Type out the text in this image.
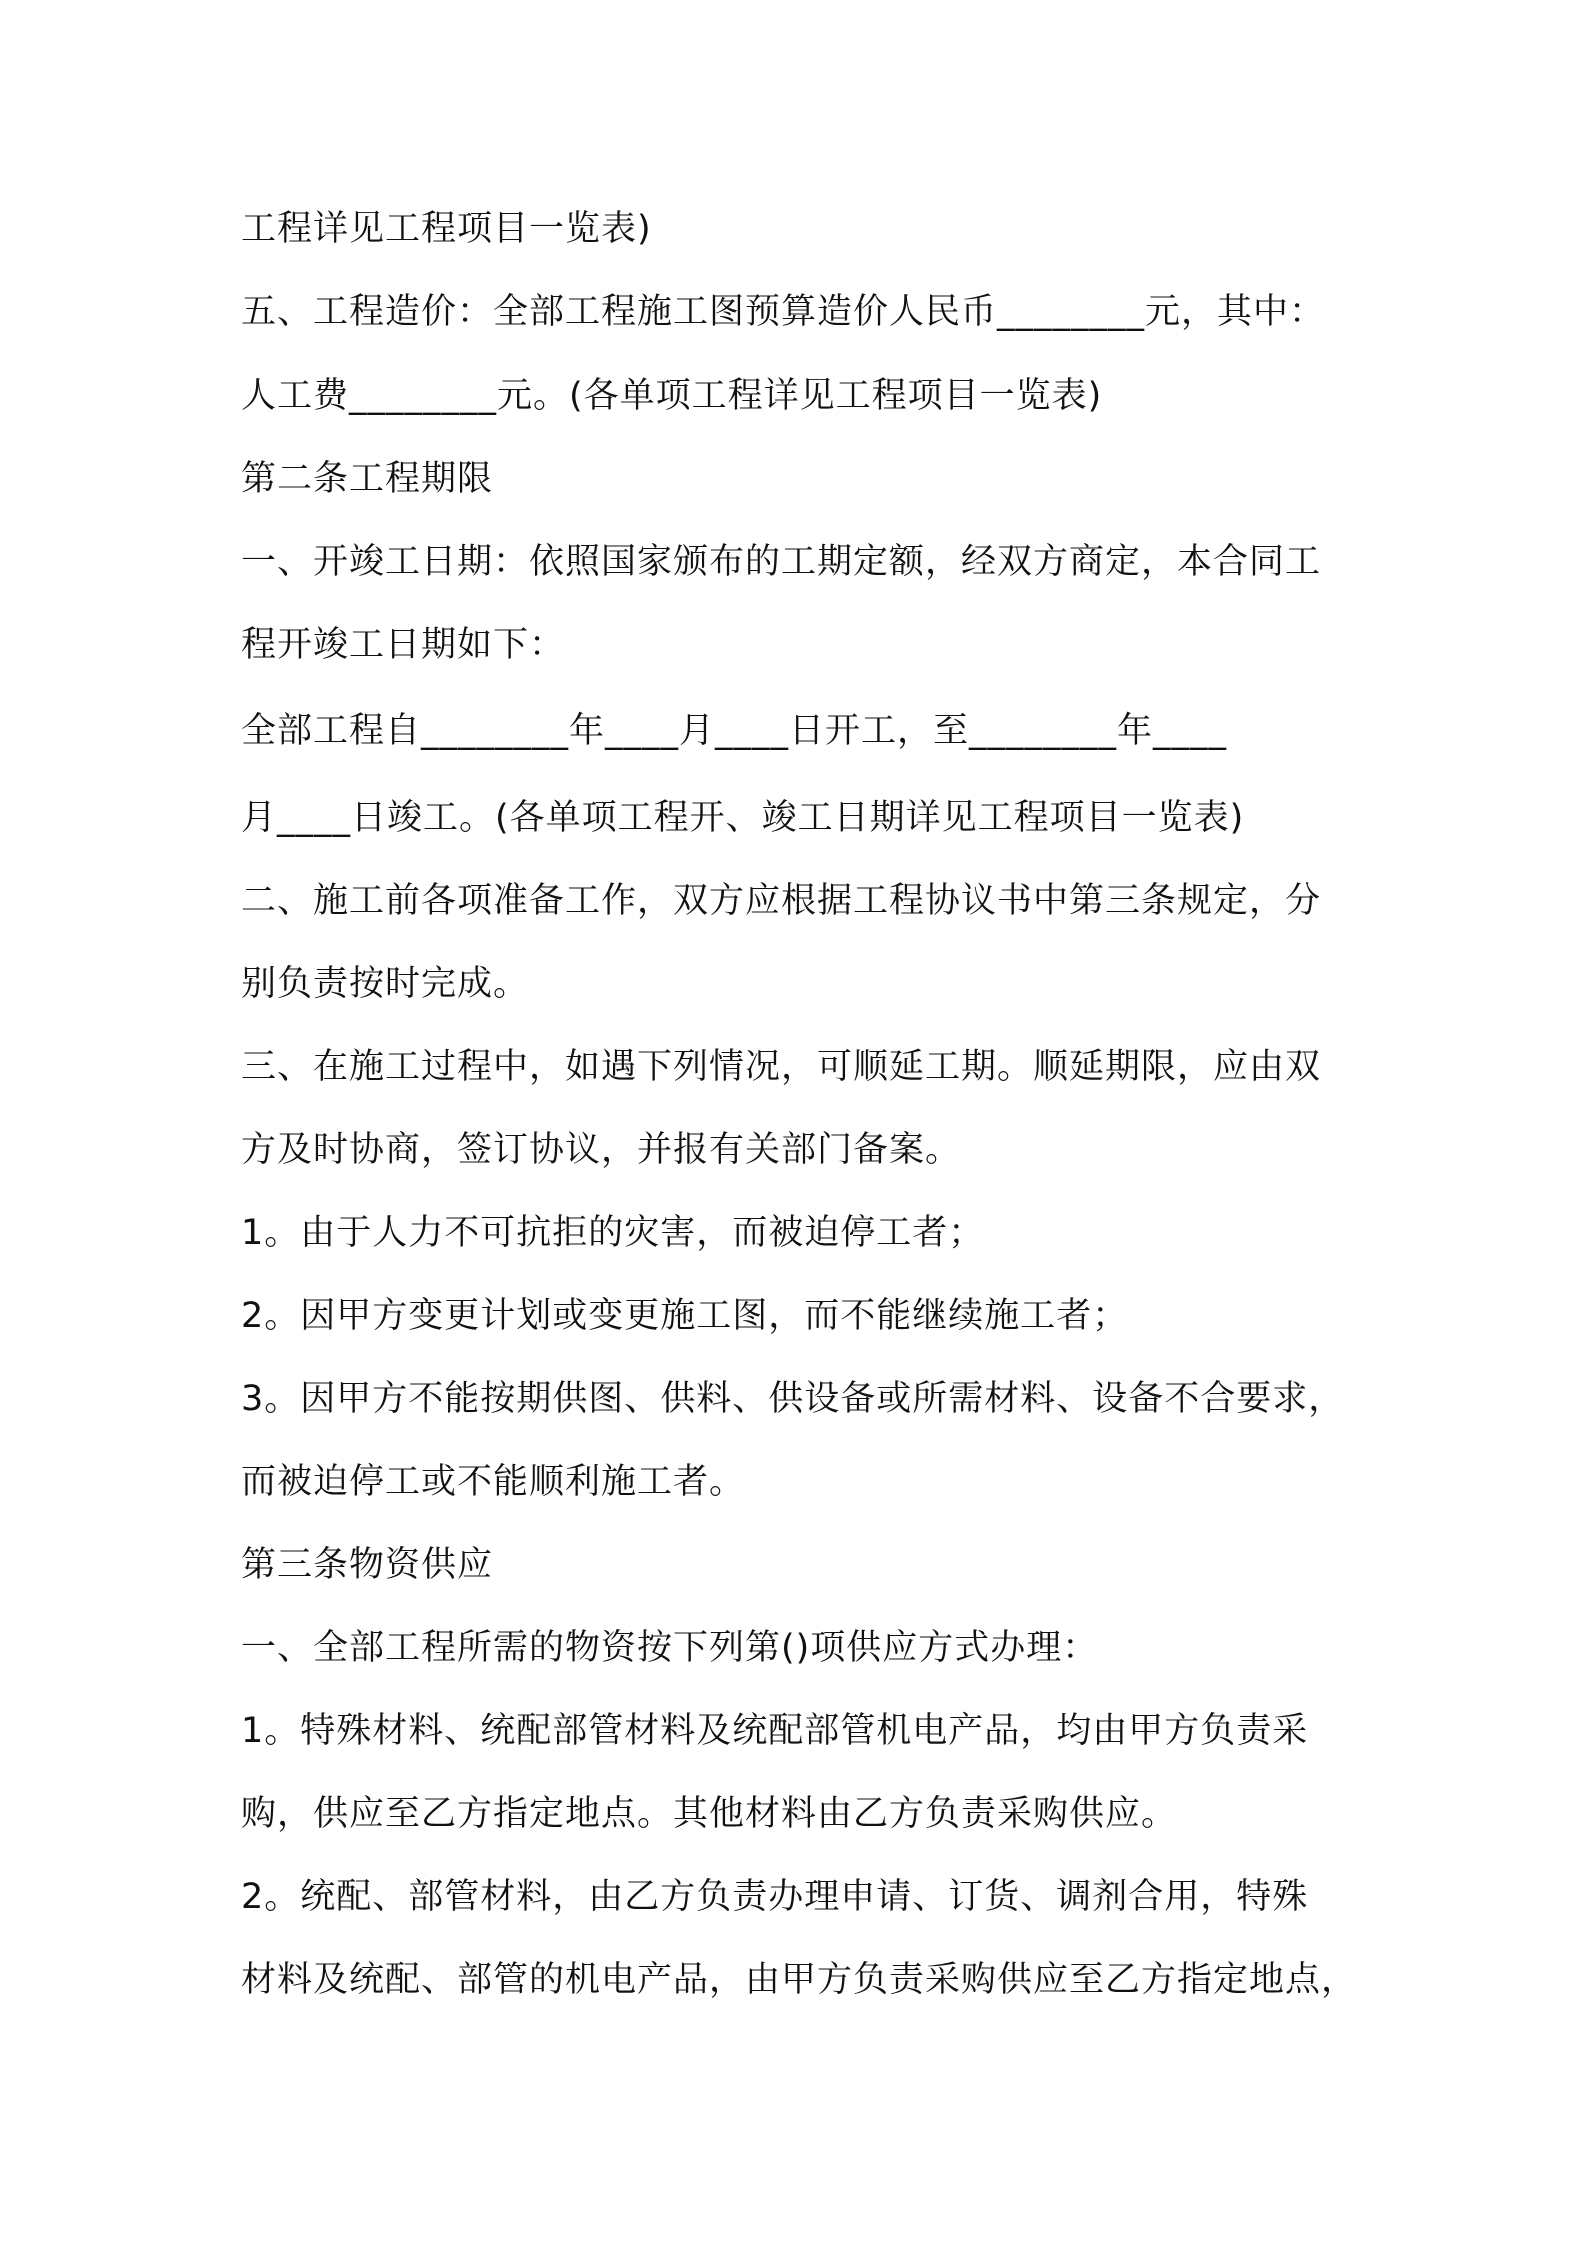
工程详见工程项目一览表)

五、工程造价：全部工程施工图预算造价人民币________元，其中：

人工费________元。(各单项工程详见工程项目一览表)

第二条工程期限

一、开竣工日期：依照国家颁布的工期定额，经双方商定，本合同工

程开竣工日期如下：

全部工程自________年____月____日开工，至________年____

月____日竣工。(各单项工程开、竣工日期详见工程项目一览表)

二、施工前各项准备工作，双方应根据工程协议书中第三条规定，分

别负责按时完成。

三、在施工过程中，如遇下列情况，可顺延工期。顺延期限，应由双

方及时协商，签订协议，并报有关部门备案。

1。由于人力不可抗拒的灾害，而被迫停工者；

2。因甲方变更计划或变更施工图，而不能继续施工者；

3。因甲方不能按期供图、供料、供设备或所需材料、设备不合要求，

而被迫停工或不能顺利施工者。

第三条物资供应

一、全部工程所需的物资按下列第()项供应方式办理：

1。特殊材料、统配部管材料及统配部管机电产品，均由甲方负责采

购，供应至乙方指定地点。其他材料由乙方负责采购供应。

2。统配、部管材料，由乙方负责办理申请、订货、调剂合用，特殊

材料及统配、部管的机电产品，由甲方负责采购供应至乙方指定地点，
